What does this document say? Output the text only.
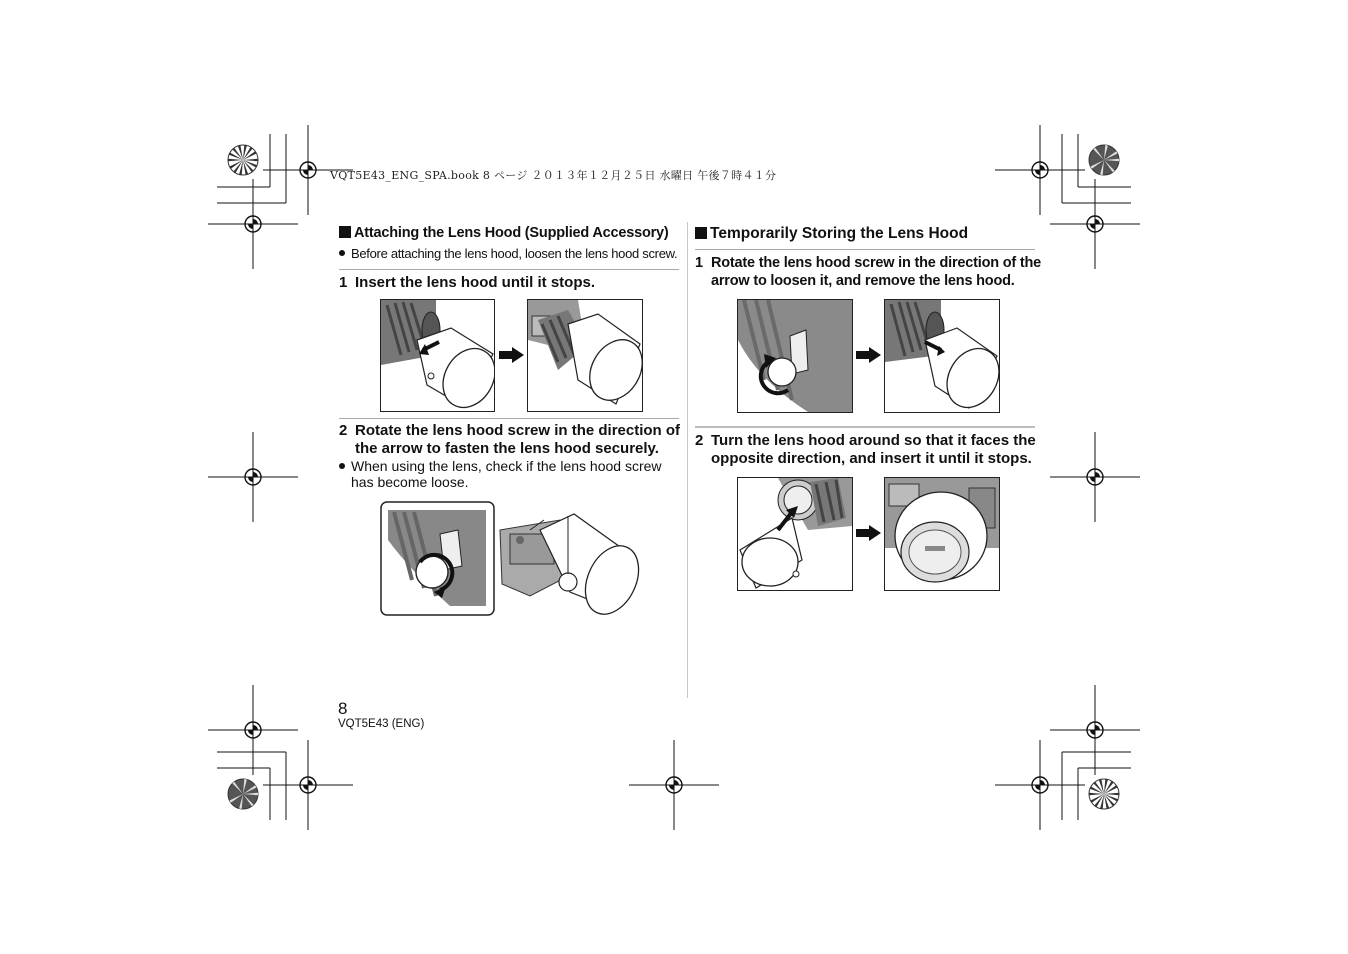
VQT5E43_ENG_SPA.book 8 ページ ２０１３年１２月２５日 水曜日 午後７時４１分
Attaching the Lens Hood (Supplied Accessory)
Before attaching the lens hood, loosen the lens hood screw.
1 Insert the lens hood until it stops.
2 Rotate the lens hood screw in the direction of
the arrow to fasten the lens hood securely.
When using the lens, check if the lens hood screw
has become loose.
Temporarily Storing the Lens Hood
1 Rotate the lens hood screw in the direction of the
arrow to loosen it, and remove the lens hood.
2 Turn the lens hood around so that it faces the
opposite direction, and insert it until it stops.
8
VQT5E43 (ENG)
